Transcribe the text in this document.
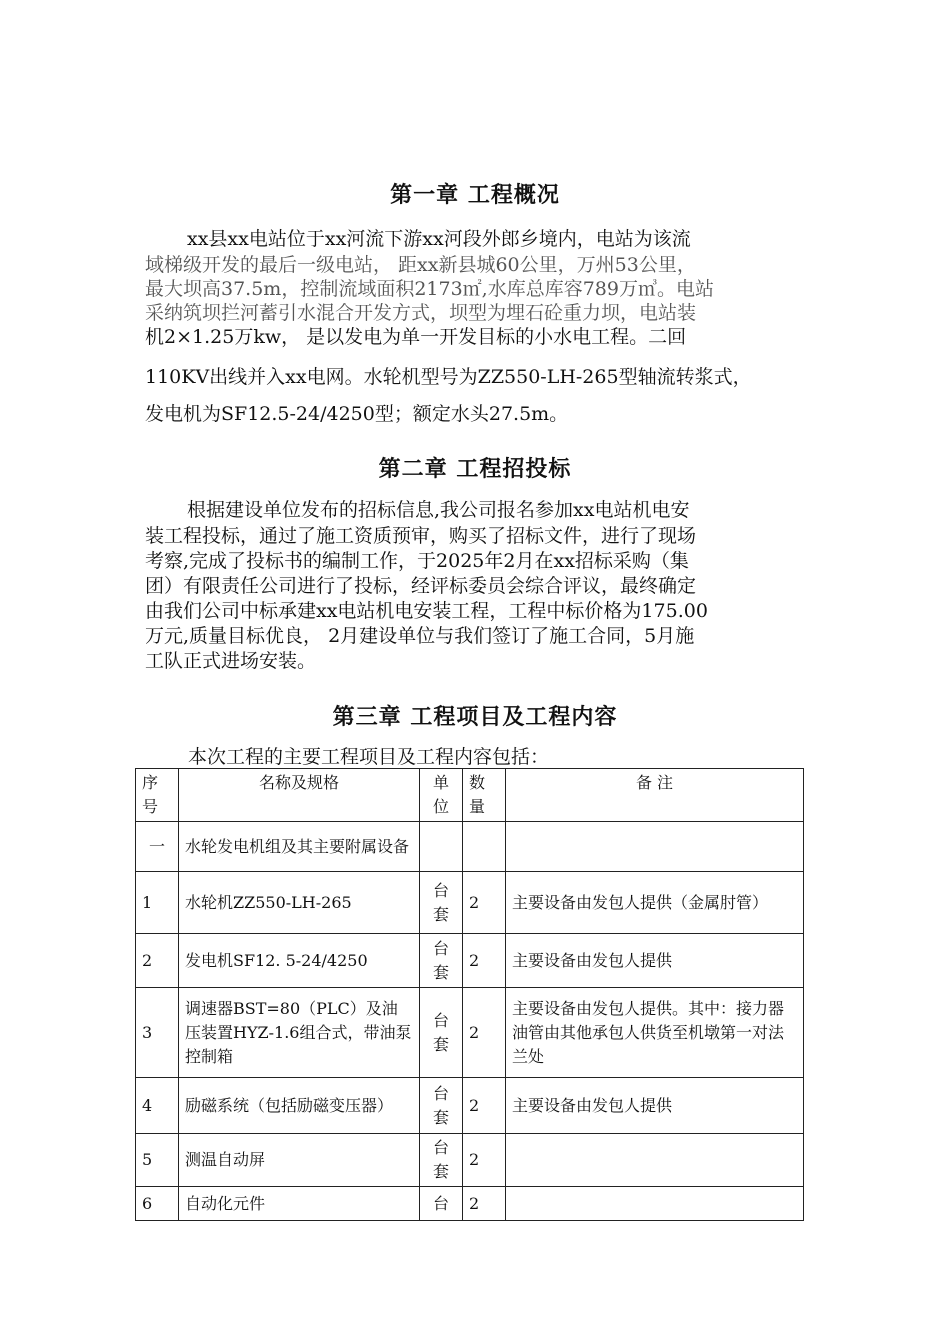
第一章 工程概况
xx县xx电站位于xx河流下游xx河段外郎乡境内，电站为该流
域梯级开发的最后一级电站， 距xx新县城60公里，万州53公里，
最大坝高37.5m，控制流域面积2173㎡,水库总库容789万㎥。电站
采纳筑坝拦河蓄引水混合开发方式，坝型为埋石砼重力坝，电站装
机2×1.25万kw， 是以发电为单一开发目标的小水电工程。二回
110KV出线并入xx电网。水轮机型号为ZZ550-LH-265型轴流转浆式，
发电机为SF12.5-24/4250型；额定水头27.5m。
第二章 工程招投标
根据建设单位发布的招标信息,我公司报名参加xx电站机电安
装工程投标，通过了施工资质预审，购买了招标文件，进行了现场
考察,完成了投标书的编制工作，于2025年2月在xx招标采购（集
团）有限责任公司进行了投标，经评标委员会综合评议，最终确定
由我们公司中标承建xx电站机电安装工程，工程中标价格为175.00
万元,质量目标优良， 2月建设单位与我们签订了施工合同，5月施
工队正式进场安装。
第三章 工程项目及工程内容
本次工程的主要工程项目及工程内容包括：
序号	名称及规格	单位	数量	备 注
一	水轮发电机组及其主要附属设备			
1	水轮机ZZ550-LH-265	台套	2	主要设备由发包人提供（金属肘管）
2	发电机SF12. 5-24/4250	台套	2	主要设备由发包人提供
3	调速器BST=80（PLC）及油压装置HYZ-1.6组合式，带油泵控制箱	台套	2	主要设备由发包人提供。其中：接力器油管由其他承包人供货至机墩第一对法兰处
4	励磁系统（包括励磁变压器）	台套	2	主要设备由发包人提供
5	测温自动屏	台套	2	
6	自动化元件	台	2	
